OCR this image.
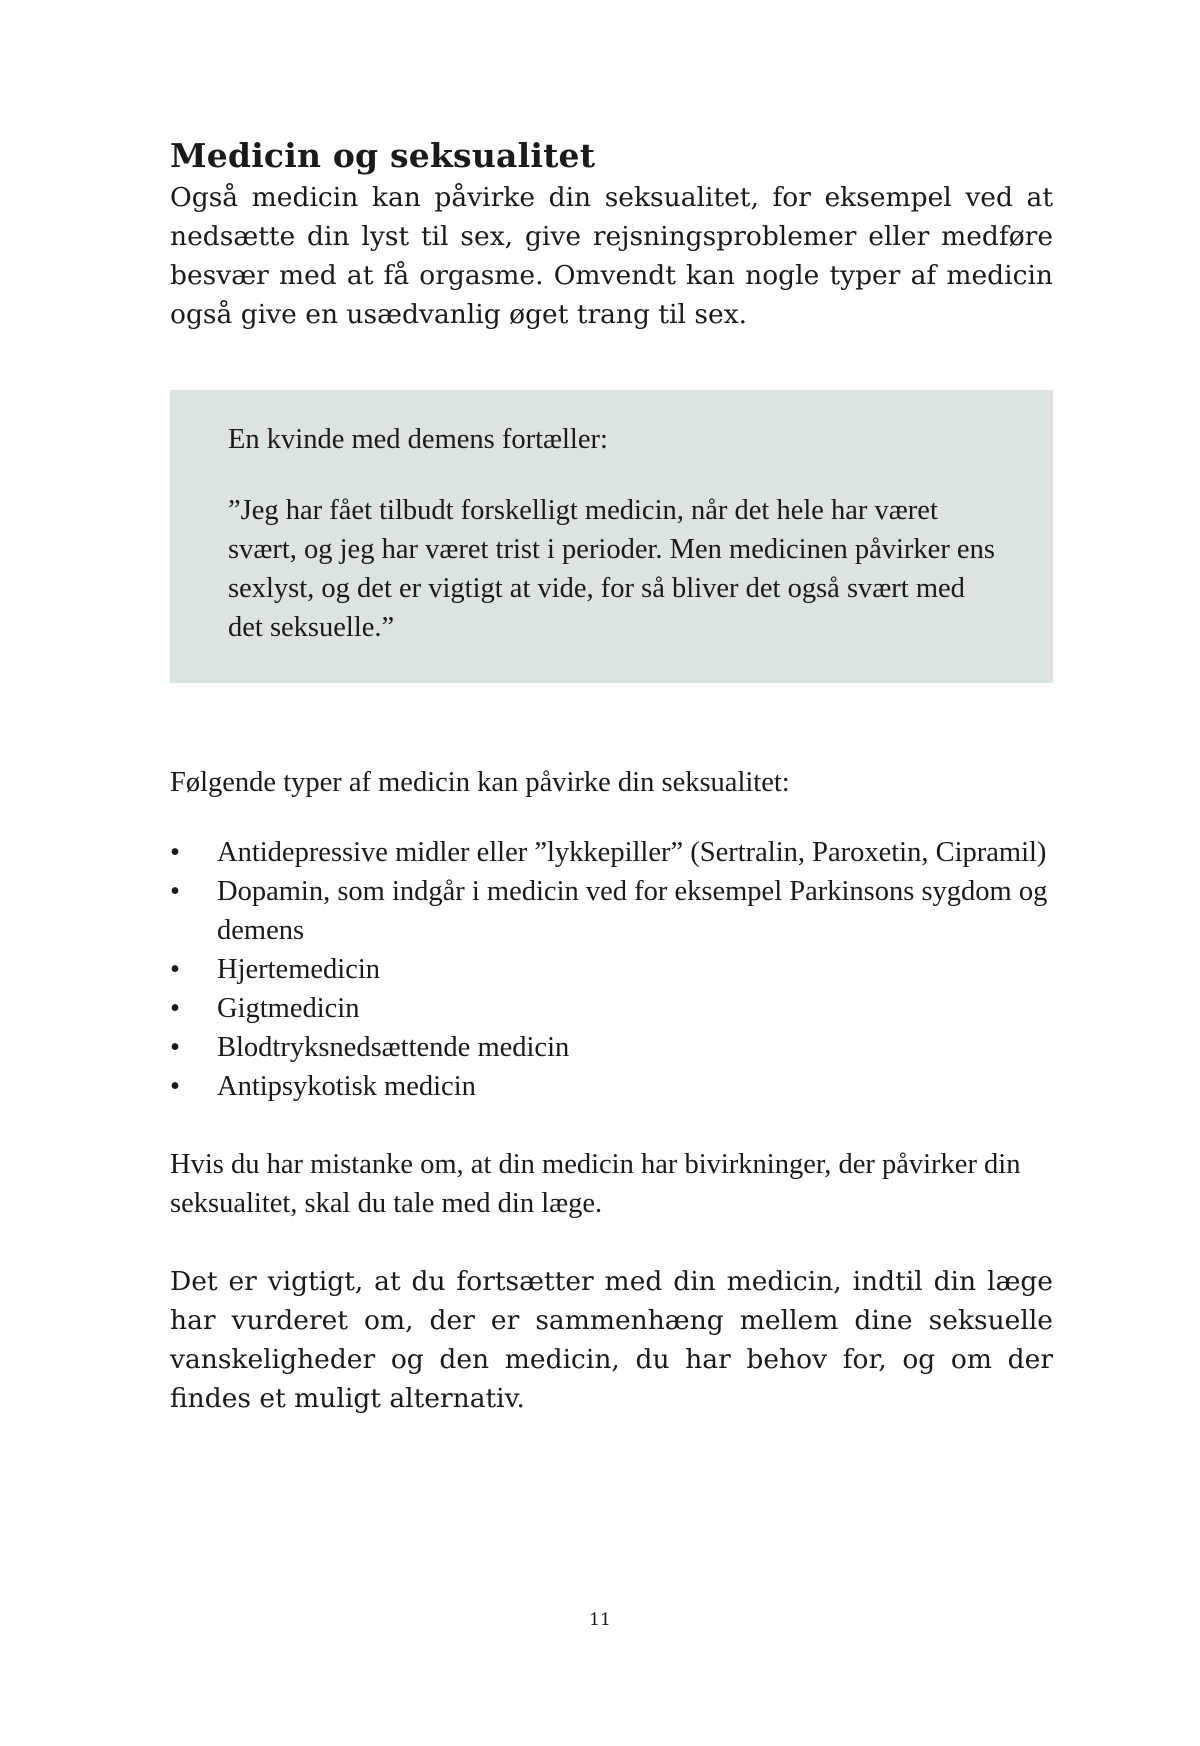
Medicin og seksualitet

Også medicin kan påvirke din seksualitet, for eksempel ved at nedsætte din lyst til sex, give rejsningsproblemer eller medføre besvær med at få orgasme. Omvendt kan nogle typer af medicin også give en usædvanlig øget trang til sex.

En kvinde med demens fortæller:

”Jeg har fået tilbudt forskelligt medicin, når det hele har været svært, og jeg har været trist i perioder. Men medicinen påvirker ens sexlyst, og det er vigtigt at vide, for så bliver det også svært med det seksuelle.”

Følgende typer af medicin kan påvirke din seksualitet:

• Antidepressive midler eller ”lykkepiller” (Sertralin, Paroxetin, Cipramil)
• Dopamin, som indgår i medicin ved for eksempel Parkinsons sygdom og demens
• Hjertemedicin
• Gigtmedicin
• Blodtryksnedsættende medicin
• Antipsykotisk medicin

Hvis du har mistanke om, at din medicin har bivirkninger, der påvirker din seksualitet, skal du tale med din læge.

Det er vigtigt, at du fortsætter med din medicin, indtil din læge har vurderet om, der er sammenhæng mellem dine seksuelle vanskeligheder og den medicin, du har behov for, og om der findes et muligt alternativ.

11
